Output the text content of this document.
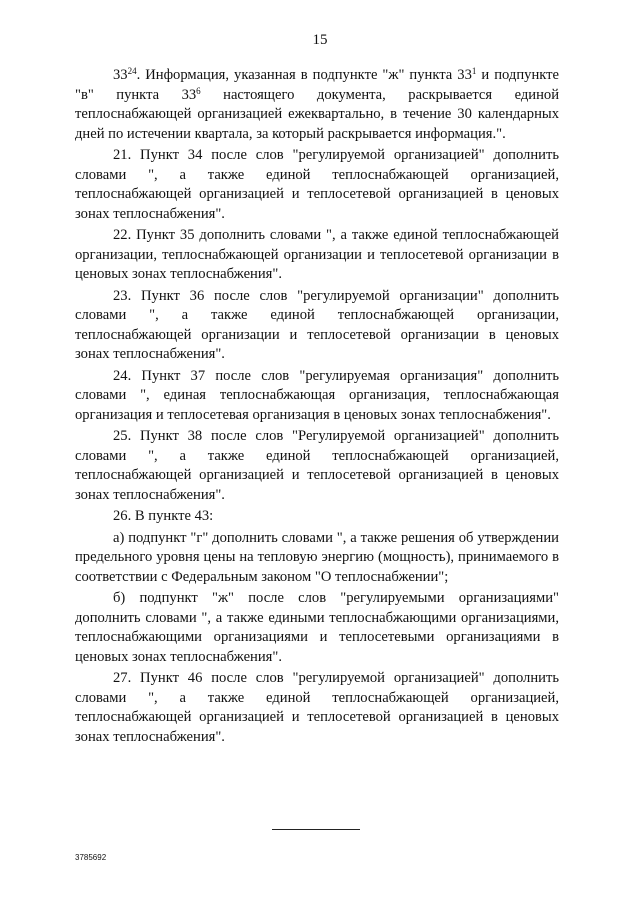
15

$33^{24}$. Информация, указанная в подпункте "ж" пункта $33^1$ и подпункте "в" пункта $33^6$ настоящего документа, раскрывается единой теплоснабжающей организацией ежеквартально, в течение 30 календарных дней по истечении квартала, за который раскрывается информация.".

21. Пункт 34 после слов "регулируемой организацией" дополнить словами ", а также единой теплоснабжающей организацией, теплоснабжающей организацией и теплосетевой организацией в ценовых зонах теплоснабжения".

22. Пункт 35 дополнить словами ", а также единой теплоснабжающей организации, теплоснабжающей организации и теплосетевой организации в ценовых зонах теплоснабжения".

23. Пункт 36 после слов "регулируемой организации" дополнить словами ", а также единой теплоснабжающей организации, теплоснабжающей организации и теплосетевой организации в ценовых зонах теплоснабжения".

24. Пункт 37 после слов "регулируемая организация" дополнить словами ", единая теплоснабжающая организация, теплоснабжающая организация и теплосетевая организация в ценовых зонах теплоснабжения".

25. Пункт 38 после слов "Регулируемой организацией" дополнить словами ", а также единой теплоснабжающей организацией, теплоснабжающей организацией и теплосетевой организацией в ценовых зонах теплоснабжения".

26. В пункте 43:

а) подпункт "г" дополнить словами ", а также решения об утверждении предельного уровня цены на тепловую энергию (мощность), принимаемого в соответствии с Федеральным законом "О теплоснабжении";

б) подпункт "ж" после слов "регулируемыми организациями" дополнить словами ", а также едиными теплоснабжающими организациями, теплоснабжающими организациями и теплосетевыми организациями в ценовых зонах теплоснабжения".

27. Пункт 46 после слов "регулируемой организацией" дополнить словами ", а также единой теплоснабжающей организацией, теплоснабжающей организацией и теплосетевой организацией в ценовых зонах теплоснабжения".

3785692
